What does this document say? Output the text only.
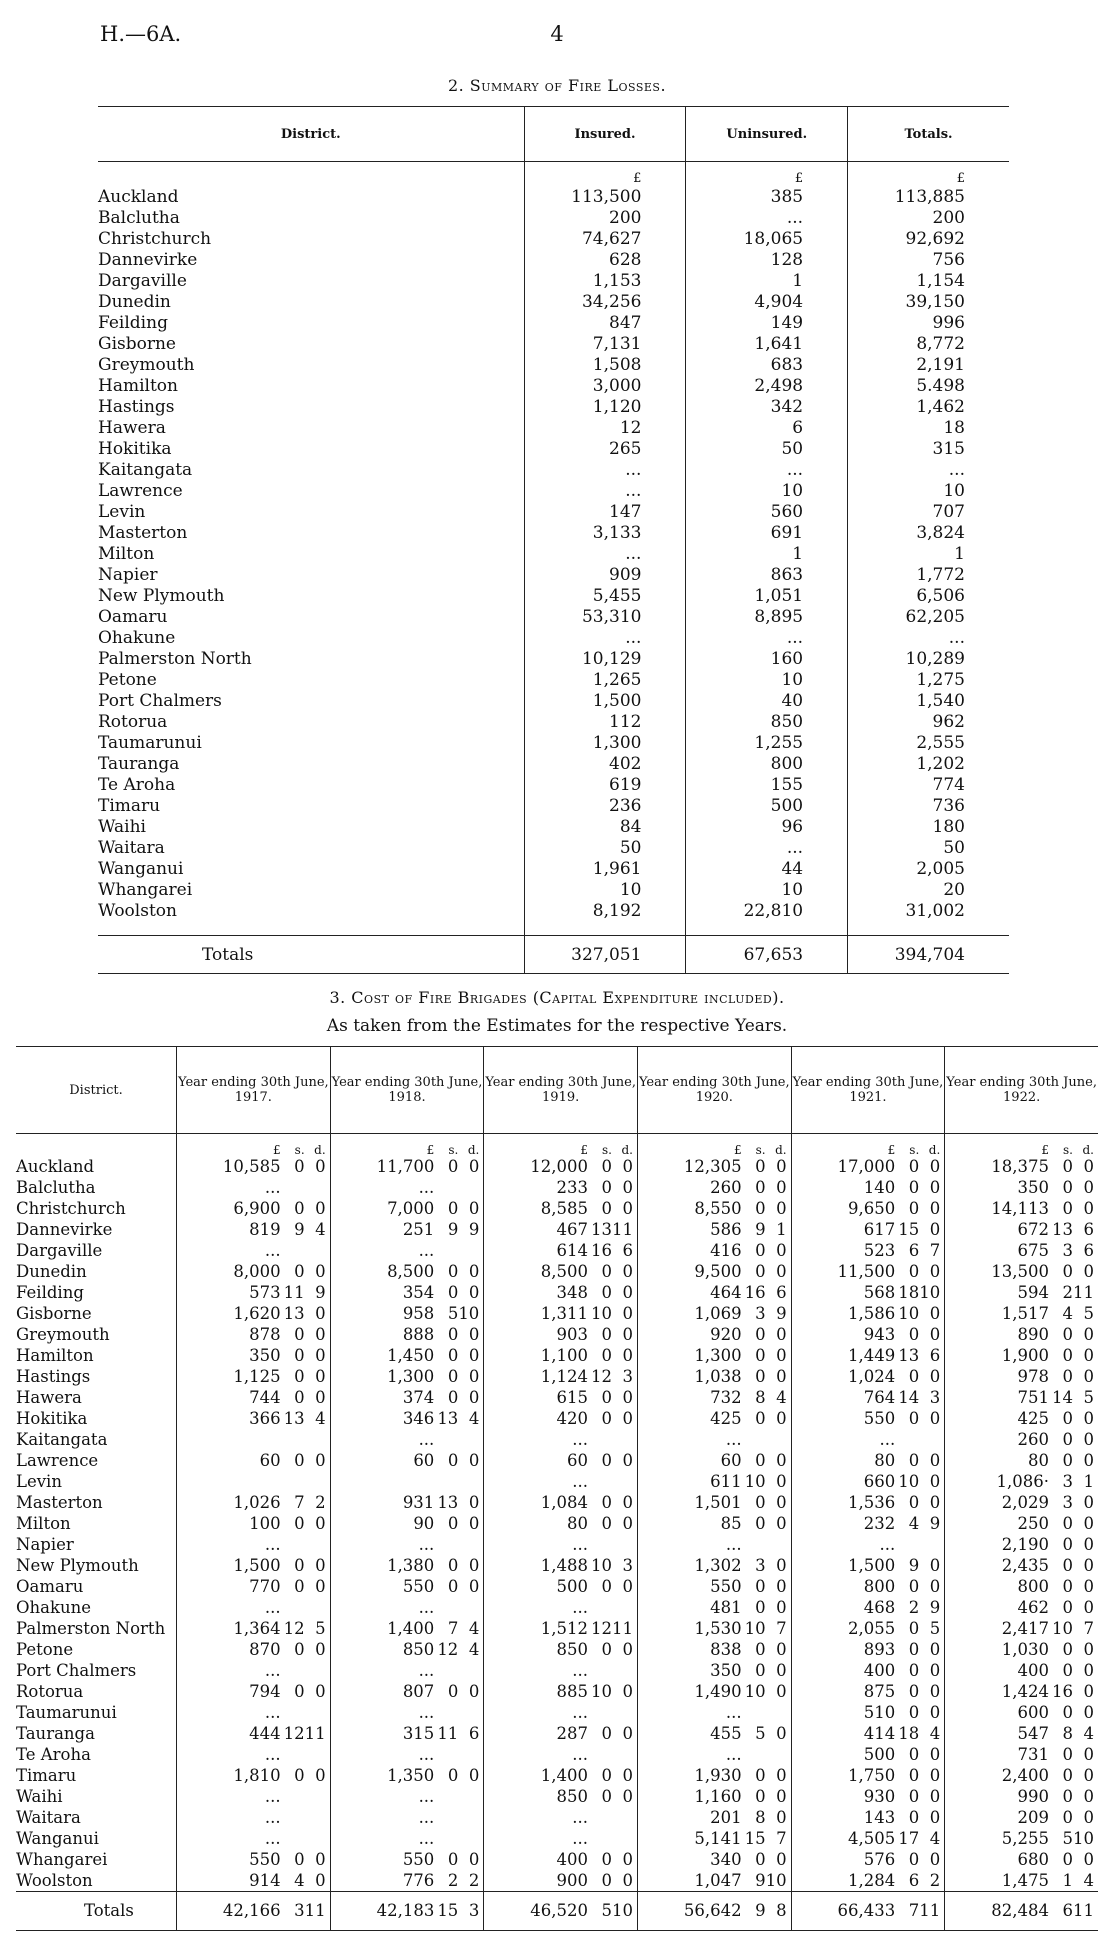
H.—6A.	4
2. Summary of Fire Losses.
District.	Insured.	Uninsured.	Totals.
	£	£	£
Auckland	113,500	385	113,885
Balclutha	200	...	200
Christchurch	74,627	18,065	92,692
Dannevirke	628	128	756
Dargaville	1,153	1	1,154
Dunedin	34,256	4,904	39,150
Feilding	847	149	996
Gisborne	7,131	1,641	8,772
Greymouth	1,508	683	2,191
Hamilton	3,000	2,498	5.498
Hastings	1,120	342	1,462
Hawera	12	6	18
Hokitika	265	50	315
Kaitangata	...	...	...
Lawrence	...	10	10
Levin	147	560	707
Masterton	3,133	691	3,824
Milton	...	1	1
Napier	909	863	1,772
New Plymouth	5,455	1,051	6,506
Oamaru	53,310	8,895	62,205
Ohakune	...	...	...
Palmerston North	10,129	160	10,289
Petone	1,265	10	1,275
Port Chalmers	1,500	40	1,540
Rotorua	112	850	962
Taumarunui	1,300	1,255	2,555
Tauranga	402	800	1,202
Te Aroha	619	155	774
Timaru	236	500	736
Waihi	84	96	180
Waitara	50	...	50
Wanganui	1,961	44	2,005
Whangarei	10	10	20
Woolston	8,192	22,810	31,002

Totals	327,051	67,653	394,704
3. Cost of Fire Brigades (Capital Expenditure included).
As taken from the Estimates for the respective Years.
District.	Year ending 30th June, 1917.			Year ending 30th June, 1918.			Year ending 30th June, 1919.			Year ending 30th June, 1920.			Year ending 30th June, 1921.			Year ending 30th June, 1922.		
	£	s.	d.	£	s.	d.	£	s.	d.	£	s.	d.	£	s.	d.	£	s.	d.
Auckland	10,585	0	0	11,700	0	0	12,000	0	0	12,305	0	0	17,000	0	0	18,375	0	0
Balclutha	...			...			233	0	0	260	0	0	140	0	0	350	0	0
Christchurch	6,900	0	0	7,000	0	0	8,585	0	0	8,550	0	0	9,650	0	0	14,113	0	0
Dannevirke	819	9	4	251	9	9	467	13	11	586	9	1	617	15	0	672	13	6
Dargaville	...			...			614	16	6	416	0	0	523	6	7	675	3	6
Dunedin	8,000	0	0	8,500	0	0	8,500	0	0	9,500	0	0	11,500	0	0	13,500	0	0
Feilding	573	11	9	354	0	0	348	0	0	464	16	6	568	18	10	594	2	11
Gisborne	1,620	13	0	958	5	10	1,311	10	0	1,069	3	9	1,586	10	0	1,517	4	5
Greymouth	878	0	0	888	0	0	903	0	0	920	0	0	943	0	0	890	0	0
Hamilton	350	0	0	1,450	0	0	1,100	0	0	1,300	0	0	1,449	13	6	1,900	0	0
Hastings	1,125	0	0	1,300	0	0	1,124	12	3	1,038	0	0	1,024	0	0	978	0	0
Hawera	744	0	0	374	0	0	615	0	0	732	8	4	764	14	3	751	14	5
Hokitika	366	13	4	346	13	4	420	0	0	425	0	0	550	0	0	425	0	0
Kaitangata				...			...			...			...			260	0	0
Lawrence	60	0	0	60	0	0	60	0	0	60	0	0	80	0	0	80	0	0
Levin							...			611	10	0	660	10	0	1,086·	3	1
Masterton	1,026	7	2	931	13	0	1,084	0	0	1,501	0	0	1,536	0	0	2,029	3	0
Milton	100	0	0	90	0	0	80	0	0	85	0	0	232	4	9	250	0	0
Napier	...			...			...			...			...			2,190	0	0
New Plymouth	1,500	0	0	1,380	0	0	1,488	10	3	1,302	3	0	1,500	9	0	2,435	0	0
Oamaru	770	0	0	550	0	0	500	0	0	550	0	0	800	0	0	800	0	0
Ohakune	...			...			...			481	0	0	468	2	9	462	0	0
Palmerston North	1,364	12	5	1,400	7	4	1,512	12	11	1,530	10	7	2,055	0	5	2,417	10	7
Petone	870	0	0	850	12	4	850	0	0	838	0	0	893	0	0	1,030	0	0
Port Chalmers	...			...			...			350	0	0	400	0	0	400	0	0
Rotorua	794	0	0	807	0	0	885	10	0	1,490	10	0	875	0	0	1,424	16	0
Taumarunui	...			...			...			...			510	0	0	600	0	0
Tauranga	444	12	11	315	11	6	287	0	0	455	5	0	414	18	4	547	8	4
Te Aroha	...			...			...			...			500	0	0	731	0	0
Timaru	1,810	0	0	1,350	0	0	1,400	0	0	1,930	0	0	1,750	0	0	2,400	0	0
Waihi	...			...			850	0	0	1,160	0	0	930	0	0	990	0	0
Waitara	...			...			...			201	8	0	143	0	0	209	0	0
Wanganui	...			...			...			5,141	15	7	4,505	17	4	5,255	5	10
Whangarei	550	0	0	550	0	0	400	0	0	340	0	0	576	0	0	680	0	0
Woolston	914	4	0	776	2	2	900	0	0	1,047	9	10	1,284	6	2	1,475	1	4
Totals	42,166	3	11	42,183	15	3	46,520	5	10	56,642	9	8	66,433	7	11	82,484	6	11
